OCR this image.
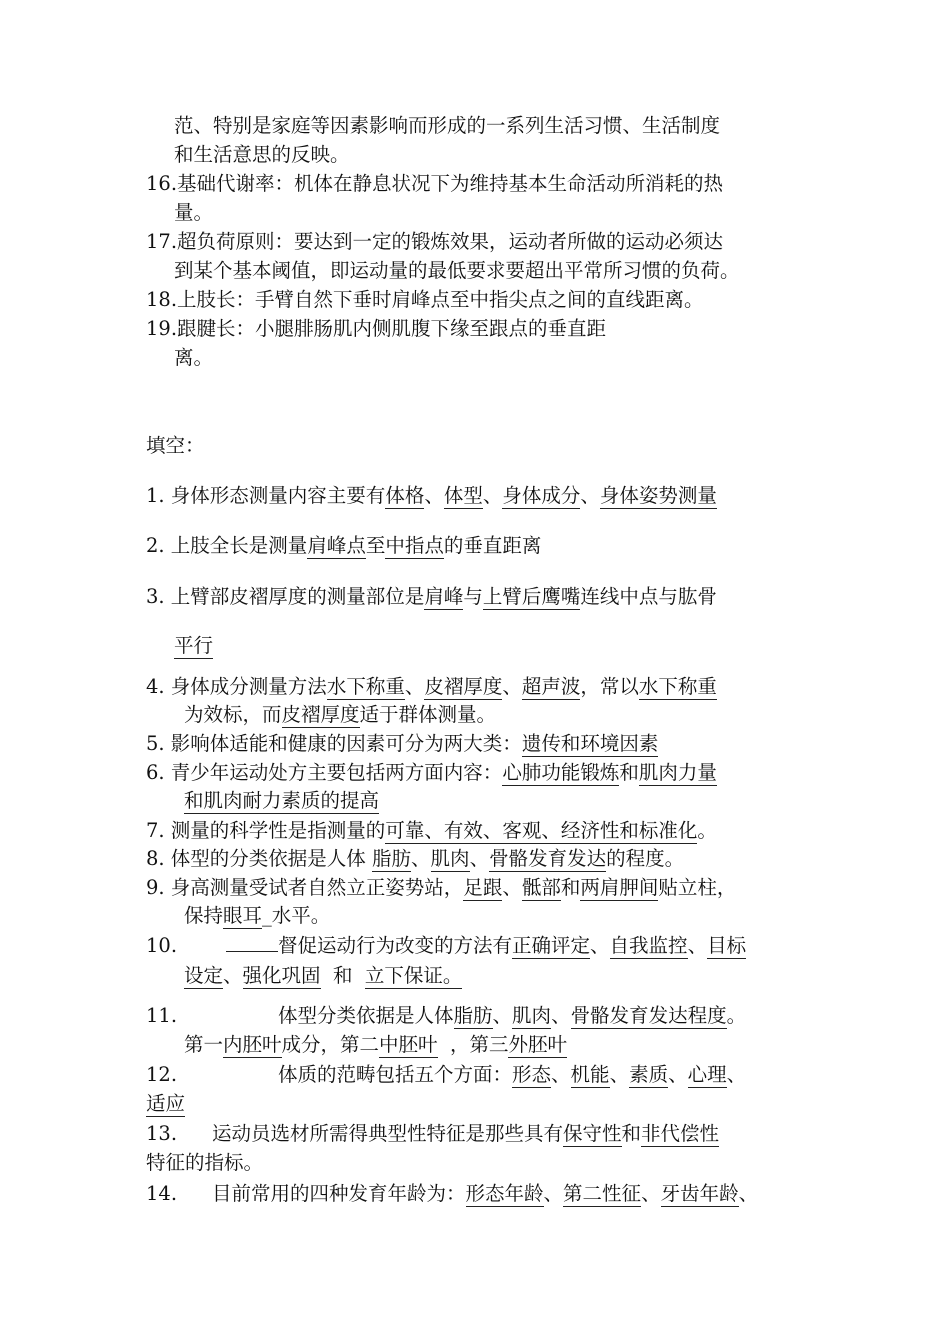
范、特别是家庭等因素影响而形成的一系列生活习惯、生活制度
和生活意思的反映。
16.基础代谢率：机体在静息状况下为维持基本生命活动所消耗的热
量。
17.超负荷原则：要达到一定的锻炼效果，运动者所做的运动必须达
到某个基本阈值，即运动量的最低要求要超出平常所习惯的负荷。
18.上肢长：手臂自然下垂时肩峰点至中指尖点之间的直线距离。
19.跟腱长：小腿腓肠肌内侧肌腹下缘至跟点的垂直距
离。
填空：
1. 身体形态测量内容主要有体格、体型、身体成分、身体姿势测量
2. 上肢全长是测量肩峰点至中指点的垂直距离
3. 上臂部皮褶厚度的测量部位是肩峰与上臂后鹰嘴连线中点与肱骨
平行
4. 身体成分测量方法水下称重、皮褶厚度、超声波，常以水下称重
为效标，而皮褶厚度适于群体测量。
5. 影响体适能和健康的因素可分为两大类：遗传和环境因素
6. 青少年运动处方主要包括两方面内容：心肺功能锻炼和肌肉力量
和肌肉耐力素质的提高
7. 测量的科学性是指测量的可靠、有效、客观、经济性和标准化。
8. 体型的分类依据是人体 脂肪、肌肉、骨骼发育发达的程度。
9. 身高测量受试者自然立正姿势站，足跟、骶部和两肩胛间贴立柱，
保持眼耳_水平。
10.	督促运动行为改变的方法有正确评定、自我监控、目标
设定、强化巩固  和  立下保证。
11.	体型分类依据是人体脂肪、肌肉、骨骼发育发达程度。
第一内胚叶成分，第二中胚叶  ，第三外胚叶
12.	体质的范畴包括五个方面：形态、机能、素质、心理、
适应
13. 运动员选材所需得典型性特征是那些具有保守性和非代偿性
特征的指标。
14. 目前常用的四种发育年龄为：形态年龄、第二性征、牙齿年龄、
